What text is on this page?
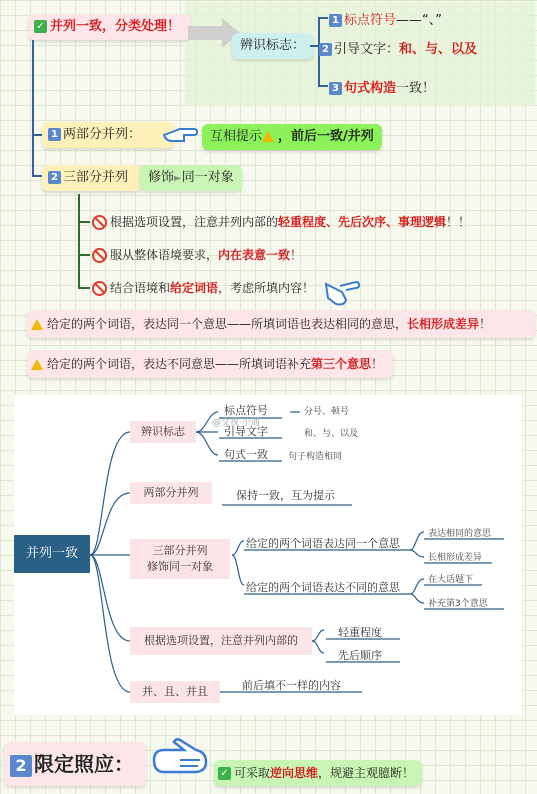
✓ 并列一致，分类处理！
辨识标志：
1 标点符号——“、”
2 引导文字：和、与、以及
3 句式构造一致！
1 两部分并列：	互相提示 ，前后一致/并列
2 三部分并列	修饰►同一对象
根据选项设置，注意并列内部的轻重程度、先后次序、事理逻辑！！
服从整体语境要求，内在表意一致！
结合语境和给定词语，考虑所填内容！
给定的两个词语，表达同一个意思——所填词语也表达相同的意思，长相形成差异！
给定的两个词语，表达不同意思——所填词语补充第三个意思！
并列一致
辨识标志
标点符号	分号、顿号
引导文字	和、与、以及
句式一致 句子构造相同
@文视·小通
两部分并列	保持一致，互为提示
三部分并列
修饰同一对象
给定的两个词语表达同一个意思
表达相同的意思
长相形成差异
给定的两个词语表达不同的意思
在大话题下
补充第3个意思
根据选项设置，注意并列内部的
轻重程度
先后顺序
并、且、并且	前后填不一样的内容
2 限定照应：	✓ 可采取逆向思维，规避主观臆断！
